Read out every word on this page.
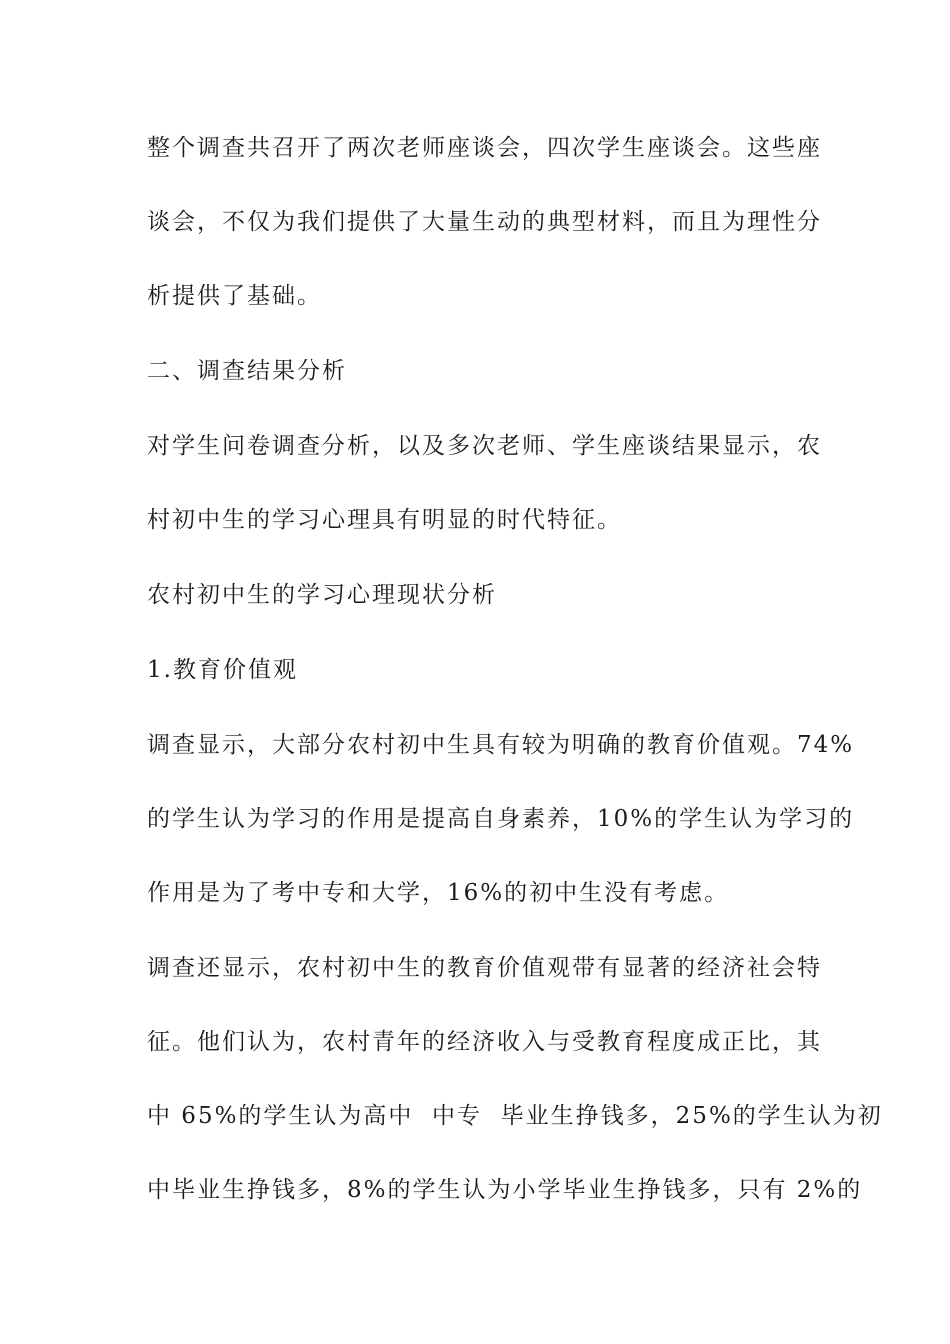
整个调查共召开了两次老师座谈会，四次学生座谈会。这些座
谈会，不仅为我们提供了大量生动的典型材料，而且为理性分
析提供了基础。
二、调查结果分析
对学生问卷调查分析，以及多次老师、学生座谈结果显示，农
村初中生的学习心理具有明显的时代特征。
农村初中生的学习心理现状分析
1.教育价值观
调查显示，大部分农村初中生具有较为明确的教育价值观。74%
的学生认为学习的作用是提高自身素养，10%的学生认为学习的
作用是为了考中专和大学，16%的初中生没有考虑。
调查还显示，农村初中生的教育价值观带有显著的经济社会特
征。他们认为，农村青年的经济收入与受教育程度成正比，其
中 65%的学生认为高中  中专  毕业生挣钱多，25%的学生认为初
中毕业生挣钱多，8%的学生认为小学毕业生挣钱多，只有 2%的
